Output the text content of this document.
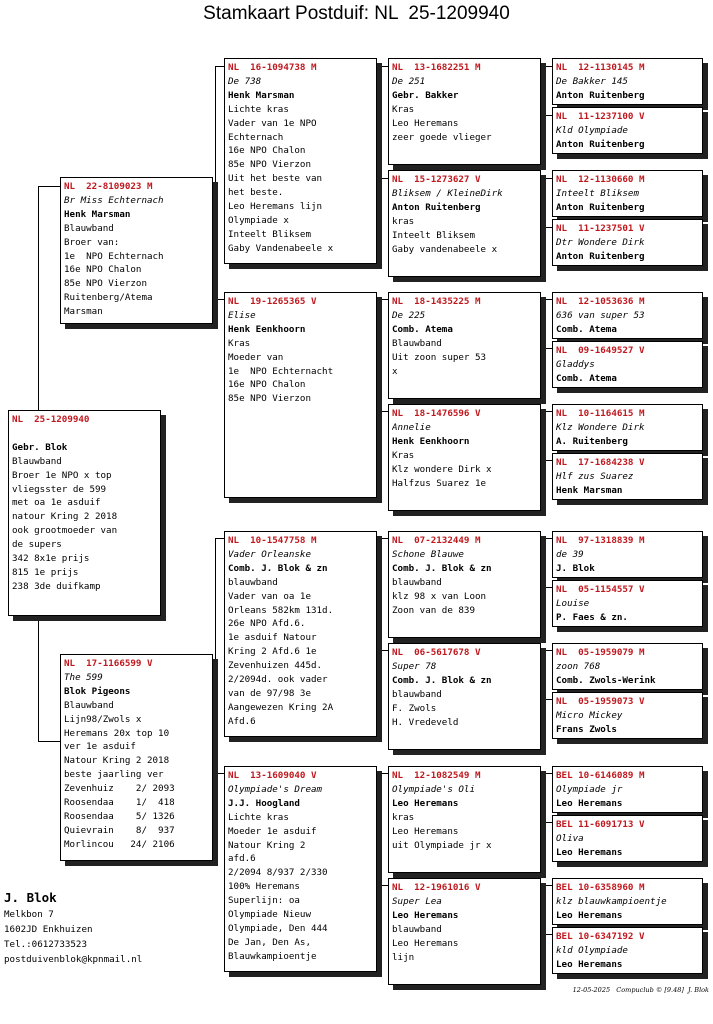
Stamkaart Postduif: NL  25-1209940
NL  25-1209940

Gebr. Blok
Blauwband
Broer 1e NPO x top
vliegsster de 599
met oa 1e asduif
natour Kring 2 2018
ook grootmoeder van
de supers
342 8x1e prijs
815 1e prijs
238 3de duifkamp
NL  22-8109023 M
Br Miss Echternach
Henk Marsman
Blauwband
Broer van:
1e  NPO Echternach
16e NPO Chalon
85e NPO Vierzon
Ruitenberg/Atema
Marsman
NL  17-1166599 V
The 599
Blok Pigeons
Blauwband
Lijn98/Zwols x
Heremans 20x top 10
ver 1e asduif
Natour Kring 2 2018
beste jaarling ver
Zevenhuiz    2/ 2093
Roosendaa    1/  418
Roosendaa    5/ 1326
Quievrain    8/  937
Morlincou   24/ 2106
NL  16-1094738 M
De 738
Henk Marsman
Lichte kras
Vader van 1e NPO
Echternach
16e NPO Chalon
85e NPO Vierzon
Uit het beste van
het beste.
Leo Heremans lijn
Olympiade x
Inteelt Bliksem
Gaby Vandenabeele x
NL  19-1265365 V
Elise
Henk Eenkhoorn
Kras
Moeder van
1e  NPO Echternacht
16e NPO Chalon
85e NPO Vierzon
NL  10-1547758 M
Vader Orleanske
Comb. J. Blok & zn
blauwband
Vader van oa 1e
Orleans 582km 131d.
26e NPO Afd.6.
1e asduif Natour
Kring 2 Afd.6 1e
Zevenhuizen 445d.
2/2094d. ook vader
van de 97/98 3e
Aangewezen Kring 2A
Afd.6
NL  13-1609040 V
Olympiade's Dream
J.J. Hoogland
Lichte kras
Moeder 1e asduif
Natour Kring 2
afd.6
2/2094 8/937 2/330
100% Heremans
Superlijn: oa
Olympiade Nieuw
Olympiade, Den 444
De Jan, Den As,
Blauwkampioentje
NL  13-1682251 M
De 251
Gebr. Bakker
Kras
Leo Heremans
zeer goede vlieger
NL  15-1273627 V
Bliksem / KleineDirk
Anton Ruitenberg
kras
Inteelt Bliksem
Gaby vandenabeele x
NL  18-1435225 M
De 225
Comb. Atema
Blauwband
Uit zoon super 53
x
NL  18-1476596 V
Annelie
Henk Eenkhoorn
Kras
Klz wondere Dirk x
Halfzus Suarez 1e
NL  07-2132449 M
Schone Blauwe
Comb. J. Blok & zn
blauwband
klz 98 x van Loon
Zoon van de 839
NL  06-5617678 V
Super 78
Comb. J. Blok & zn
blauwband
F. Zwols
H. Vredeveld
NL  12-1082549 M
Olympiade's Oli
Leo Heremans
kras
Leo Heremans
uit Olympiade jr x
NL  12-1961016 V
Super Lea
Leo Heremans
blauwband
Leo Heremans
lijn
NL  12-1130145 M
De Bakker 145
Anton Ruitenberg
NL  11-1237100 V
Kld Olympiade
Anton Ruitenberg
NL  12-1130660 M
Inteelt Bliksem
Anton Ruitenberg
NL  11-1237501 V
Dtr Wondere Dirk
Anton Ruitenberg
NL  12-1053636 M
636 van super 53
Comb. Atema
NL  09-1649527 V
Gladdys
Comb. Atema
NL  10-1164615 M
Klz Wondere Dirk
A. Ruitenberg
NL  17-1684238 V
Hlf zus Suarez
Henk Marsman
NL  97-1318839 M
de 39
J. Blok
NL  05-1154557 V
Louise
P. Faes & zn.
NL  05-1959079 M
zoon 768
Comb. Zwols-Werink
NL  05-1959073 V
Micro Mickey
Frans Zwols
BEL 10-6146089 M
Olympiade jr
Leo Heremans
BEL 11-6091713 V
Oliva
Leo Heremans
BEL 10-6358960 M
klz blauwkampioentje
Leo Heremans
BEL 10-6347192 V
kld Olympiade
Leo Heremans
J. Blok
Melkbon 7
1602JD Enkhuizen
Tel.:0612733523
postduivenblok@kpnmail.nl
12-05-2025   Compuclub © [9.48]  J. Blok
